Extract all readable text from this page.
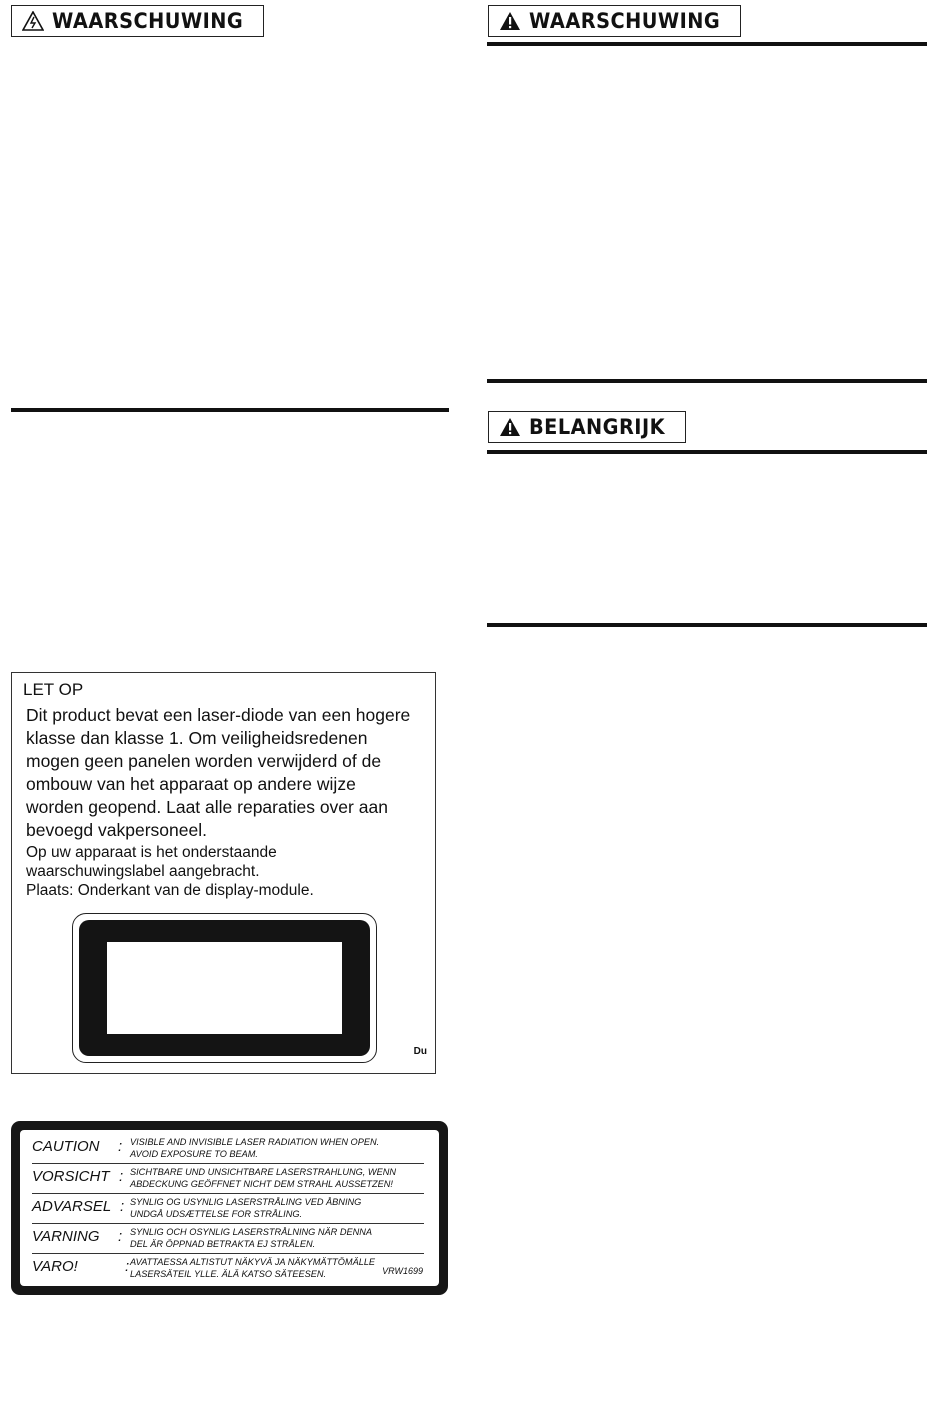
WAARSCHUWING
LET OP
Dit product bevat een laser-diode van een hogere
klasse dan klasse 1. Om veiligheidsredenen
mogen geen panelen worden verwijderd of de
ombouw van het apparaat op andere wijze
worden geopend. Laat alle reparaties over aan
bevoegd vakpersoneel.
Op uw apparaat is het onderstaande
waarschuwingslabel aangebracht.
Plaats: Onderkant van de display-module.
Du
CAUTION : VISIBLE AND INVISIBLE LASER RADIATION WHEN OPEN.
AVOID EXPOSURE TO BEAM.
VORSICHT : SICHTBARE UND UNSICHTBARE LASERSTRAHLUNG, WENN
ABDECKUNG GEÖFFNET NICHT DEM STRAHL AUSSETZEN!
ADVARSEL : SYNLIG OG USYNLIG LASERSTRÅLING VED ÅBNING
UNDGÅ UDSÆTTELSE FOR STRÅLING.
VARNING : SYNLIG OCH OSYNLIG LASERSTRÅLNING NÄR DENNA
DEL ÄR ÖPPNAD BETRAKTA EJ STRÅLEN.
VARO!	: AVATTAESSA ALTISTUT NÄKYVÄ JA NÄKYMÄTTÖMÄLLE
LASERSÄTEIL YLLE. ÄLÄ KATSO SÄTEESEN.	VRW1699
WAARSCHUWING
BELANGRIJK
